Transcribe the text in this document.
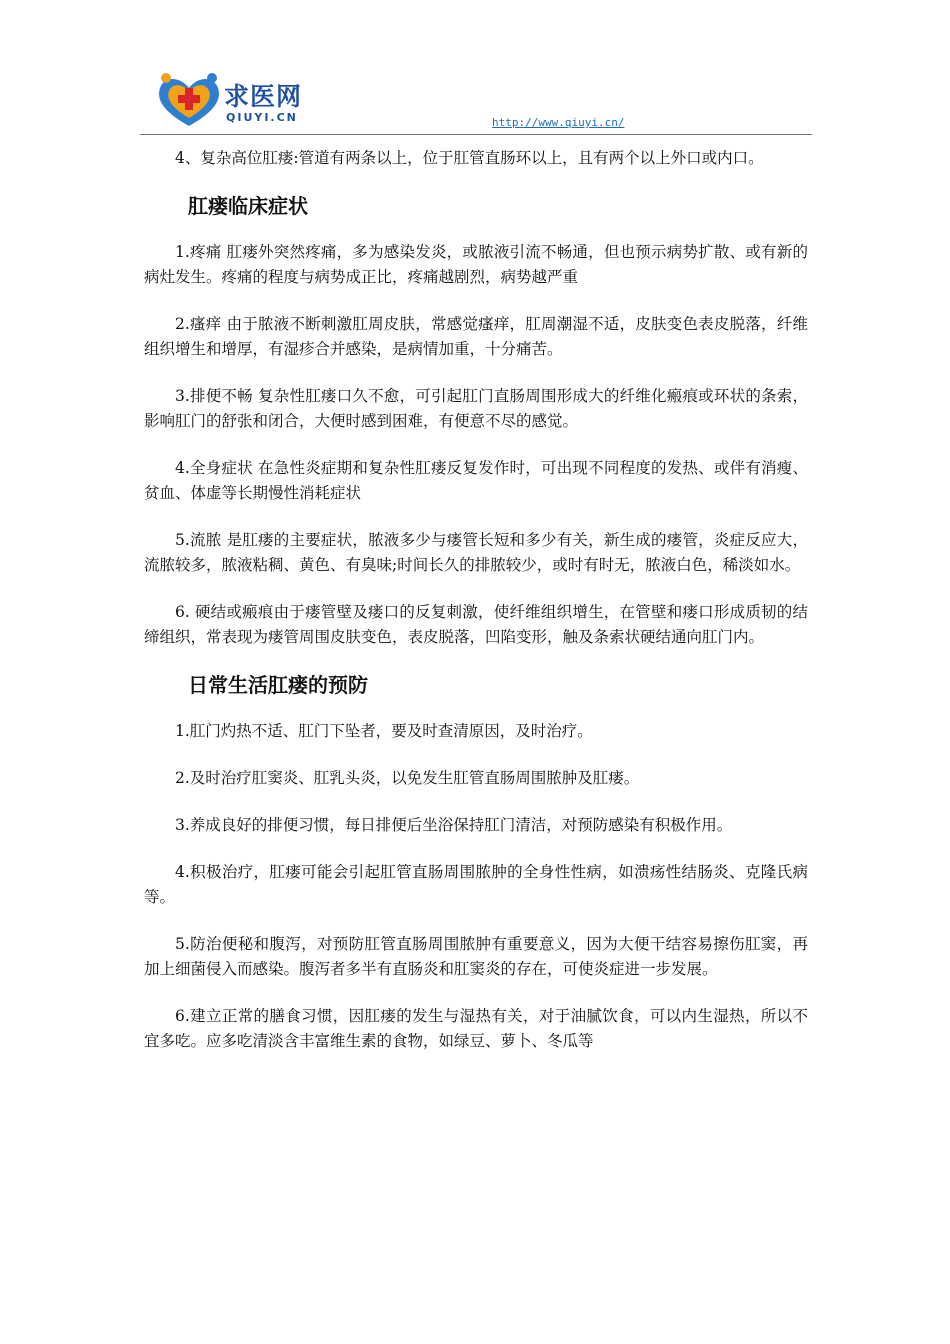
求医网
QIUYI.CN	http://www.qiuyi.cn/

4、复杂高位肛瘘:管道有两条以上，位于肛管直肠环以上，且有两个以上外口或内口。

肛瘘临床症状

1.疼痛 肛瘘外突然疼痛，多为感染发炎，或脓液引流不畅通，但也预示病势扩散、或有新的病灶发生。疼痛的程度与病势成正比，疼痛越剧烈，病势越严重

2.瘙痒 由于脓液不断刺激肛周皮肤，常感觉瘙痒，肛周潮湿不适，皮肤变色表皮脱落，纤维组织增生和增厚，有湿疹合并感染，是病情加重，十分痛苦。

3.排便不畅 复杂性肛瘘口久不愈，可引起肛门直肠周围形成大的纤维化瘢痕或环状的条索，影响肛门的舒张和闭合，大便时感到困难，有便意不尽的感觉。

4.全身症状 在急性炎症期和复杂性肛瘘反复发作时，可出现不同程度的发热、或伴有消瘦、贫血、体虚等长期慢性消耗症状

5.流脓 是肛瘘的主要症状，脓液多少与瘘管长短和多少有关，新生成的瘘管，炎症反应大，流脓较多，脓液粘稠、黄色、有臭味;时间长久的排脓较少，或时有时无，脓液白色，稀淡如水。

6. 硬结或瘢痕由于瘘管壁及瘘口的反复刺激，使纤维组织增生，在管壁和瘘口形成质韧的结缔组织，常表现为瘘管周围皮肤变色，表皮脱落，凹陷变形，触及条索状硬结通向肛门内。

日常生活肛瘘的预防

1.肛门灼热不适、肛门下坠者，要及时查清原因，及时治疗。

2.及时治疗肛窦炎、肛乳头炎，以免发生肛管直肠周围脓肿及肛瘘。

3.养成良好的排便习惯，每日排便后坐浴保持肛门清洁，对预防感染有积极作用。

4.积极治疗，肛瘘可能会引起肛管直肠周围脓肿的全身性性病，如溃疡性结肠炎、克隆氏病等。

5.防治便秘和腹泻，对预防肛管直肠周围脓肿有重要意义，因为大便干结容易擦伤肛窦，再加上细菌侵入而感染。腹泻者多半有直肠炎和肛窦炎的存在，可使炎症进一步发展。

6.建立正常的膳食习惯，因肛瘘的发生与湿热有关，对于油腻饮食，可以内生湿热，所以不宜多吃。应多吃清淡含丰富维生素的食物，如绿豆、萝卜、冬瓜等
